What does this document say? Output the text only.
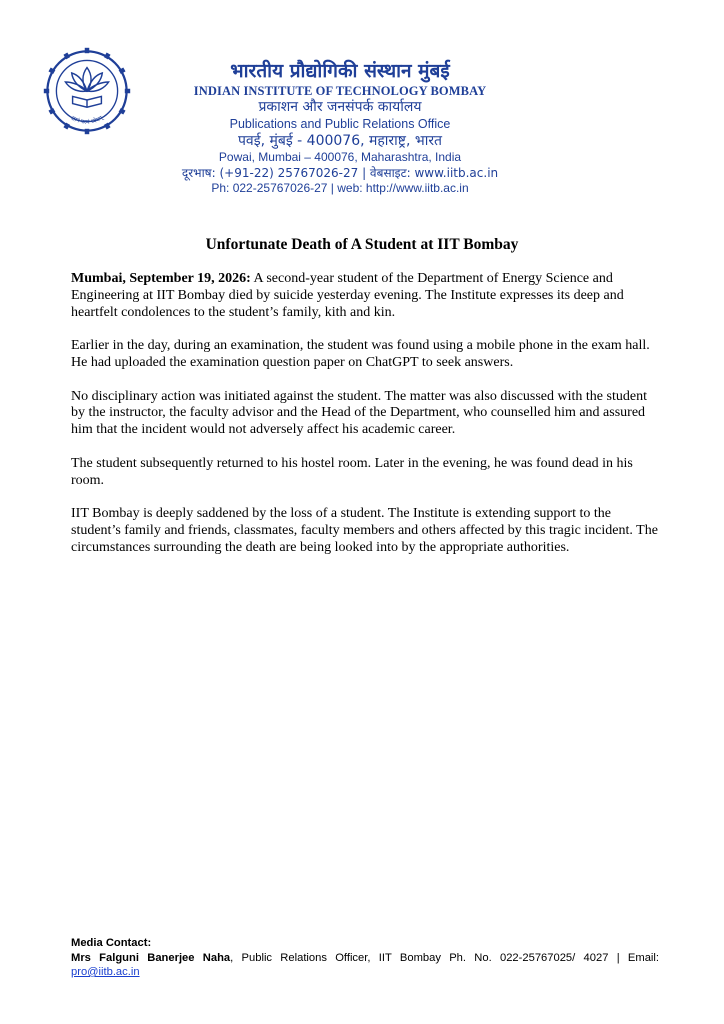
ज्ञानं परमं ध्येयम्

भारतीय प्रौद्योगिकी संस्थान मुंबई

INDIAN INSTITUTE OF TECHNOLOGY BOMBAY

प्रकाशन और जनसंपर्क कार्यालय

Publications and Public Relations Office

पवई, मुंबई - 400076, महाराष्ट्र, भारत

Powai, Mumbai – 400076, Maharashtra, India

दूरभाष: (+91-22) 25767026-27 | वेबसाइट: www.iitb.ac.in

Ph: 022-25767026-27 | web: http://www.iitb.ac.in

Unfortunate Death of A Student at IIT Bombay

Mumbai, September 19, 2026: A second-year student of the Department of Energy Science and Engineering at IIT Bombay died by suicide yesterday evening. The Institute expresses its deep and heartfelt condolences to the student’s family, kith and kin.

Earlier in the day, during an examination, the student was found using a mobile phone in the exam hall. He had uploaded the examination question paper on ChatGPT to seek answers.

No disciplinary action was initiated against the student. The matter was also discussed with the student by the instructor, the faculty advisor and the Head of the Department, who counselled him and assured him that the incident would not adversely affect his academic career.

The student subsequently returned to his hostel room. Later in the evening, he was found dead in his room.

IIT Bombay is deeply saddened by the loss of a student. The Institute is extending support to the student’s family and friends, classmates, faculty members and others affected by this tragic incident. The circumstances surrounding the death are being looked into by the appropriate authorities.

Media Contact:
Mrs Falguni Banerjee Naha, Public Relations Officer, IIT Bombay Ph. No. 022-25767025/ 4027 | Email:
pro@iitb.ac.in
